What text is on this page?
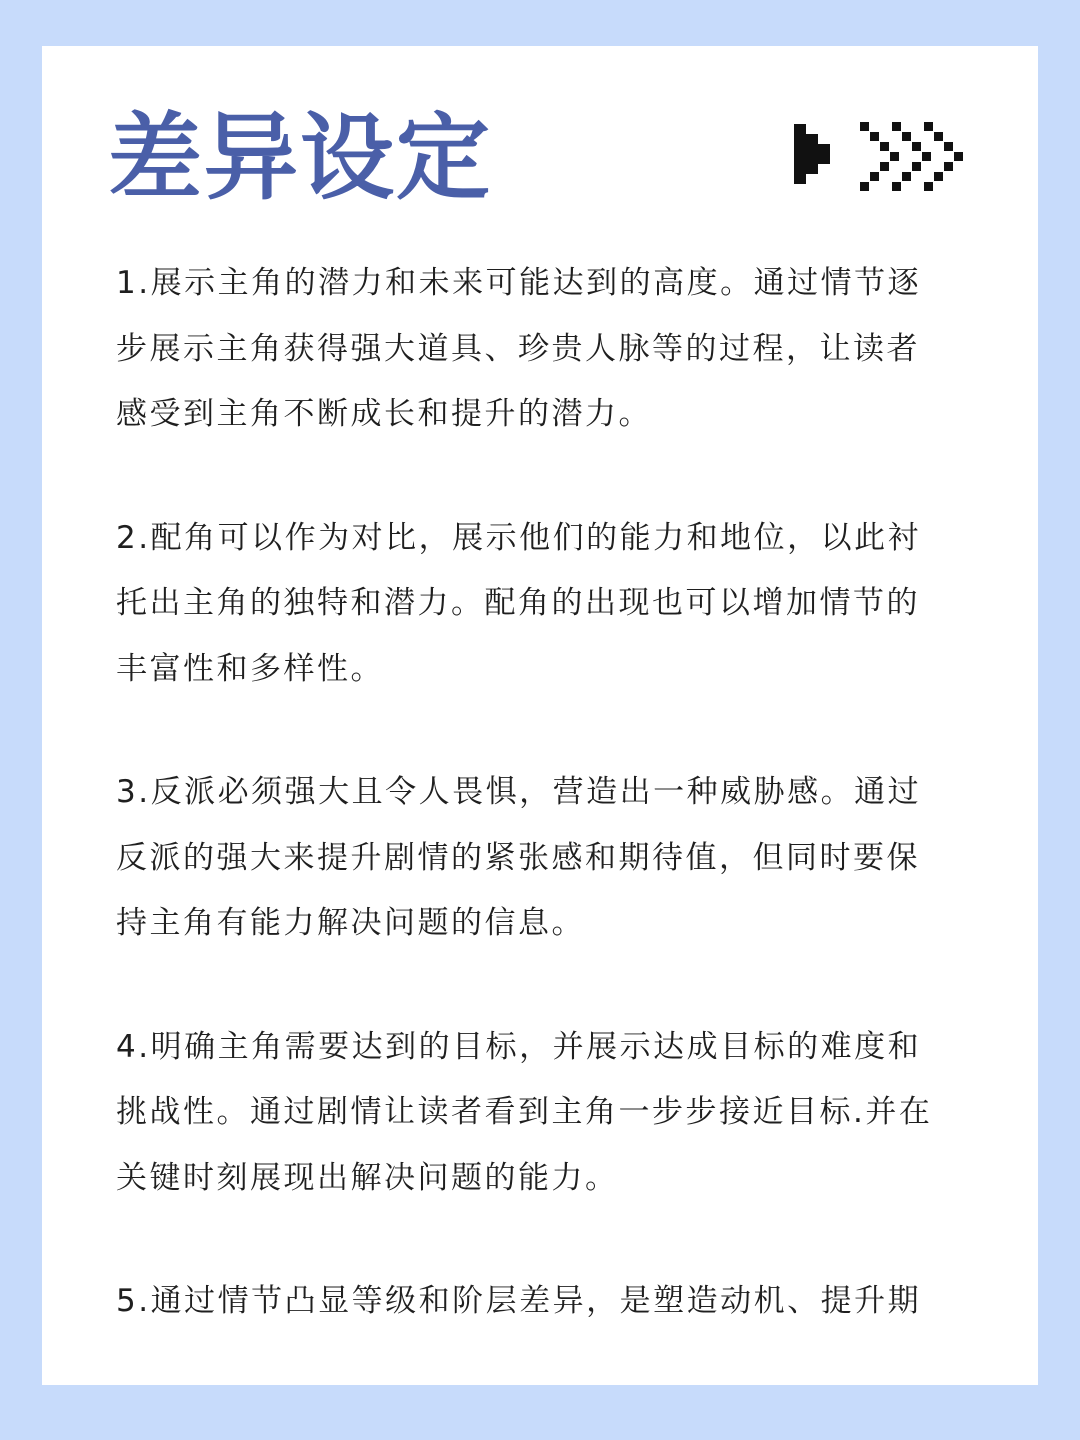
差异设定

1.展示主角的潜力和未来可能达到的高度。通过情节逐
步展示主角获得强大道具、珍贵人脉等的过程，让读者
感受到主角不断成长和提升的潜力。

2.配角可以作为对比，展示他们的能力和地位，以此衬
托出主角的独特和潜力。配角的出现也可以增加情节的
丰富性和多样性。

3.反派必须强大且令人畏惧，营造出一种威胁感。通过
反派的强大来提升剧情的紧张感和期待值，但同时要保
持主角有能力解决问题的信息。

4.明确主角需要达到的目标，并展示达成目标的难度和
挑战性。通过剧情让读者看到主角一步步接近目标.并在
关键时刻展现出解决问题的能力。

5.通过情节凸显等级和阶层差异，是塑造动机、提升期
